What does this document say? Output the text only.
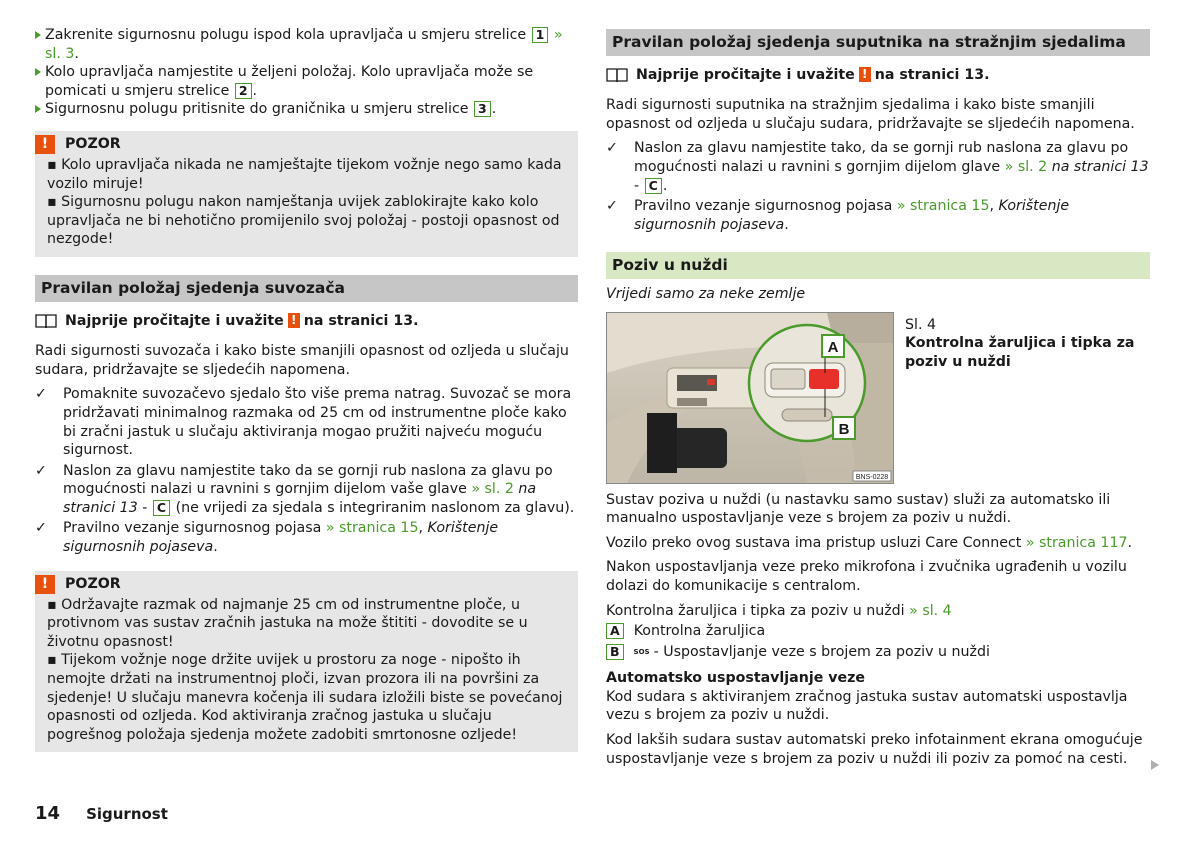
Zakrenite sigurnosnu polugu ispod kola upravljača u smjeru strelice 1 » sl. 3.
Kolo upravljača namjestite u željeni položaj. Kolo upravljača može se pomicati u smjeru strelice 2 .
Sigurnosnu polugu pritisnite do graničnika u smjeru strelice 3 .
!	POZOR

▪ Kolo upravljača nikada ne namještajte tijekom vožnje nego samo kada vozilo miruje!

▪ Sigurnosnu polugu nakon namještanja uvijek zablokirajte kako kolo upravljača ne bi nehotično promijenilo svoj položaj - postoji opasnost od nezgode!

Pravilan položaj sjedenja suvozača
Najprije pročitajte i uvažite ! na stranici 13.

Radi sigurnosti suvozača i kako biste smanjili opasnost od ozljeda u slučaju sudara, pridržavajte se sljedećih napomena.

✓ Pomaknite suvozačevo sjedalo što više prema natrag. Suvozač se mora pridržavati minimalnog razmaka od 25 cm od instrumentne ploče kako bi zračni jastuk u slučaju aktiviranja mogao pružiti najveću moguću sigurnost.
✓ Naslon za glavu namjestite tako da se gornji rub naslona za glavu po mogućnosti nalazi u ravnini s gornjim dijelom vaše glave » sl. 2 na stranici 13 - C (ne vrijedi za sjedala s integriranim naslonom za glavu).
✓ Pravilno vezanje sigurnosnog pojasa » stranica 15, Korištenje sigurnosnih pojaseva.
!	POZOR

▪ Održavajte razmak od najmanje 25 cm od instrumentne ploče, u protivnom vas sustav zračnih jastuka na može štititi - dovodite se u životnu opasnost!

▪ Tijekom vožnje noge držite uvijek u prostoru za noge - nipošto ih nemojte držati na instrumentnoj ploči, izvan prozora ili na površini za sjedenje! U slučaju manevra kočenja ili sudara izložili biste se povećanoj opasnosti od ozljeda. Kod aktiviranja zračnog jastuka u slučaju pogrešnog položaja sjedenja možete zadobiti smrtonosne ozljede!

Pravilan položaj sjedenja suputnika na stražnjim sjedalima
Najprije pročitajte i uvažite ! na stranici 13.

Radi sigurnosti suputnika na stražnjim sjedalima i kako biste smanjili opasnost od ozljeda u slučaju sudara, pridržavajte se sljedećih napomena.

✓ Naslon za glavu namjestite tako, da se gornji rub naslona za glavu po mogućnosti nalazi u ravnini s gornjim dijelom glave » sl. 2 na stranici 13 - C .
✓ Pravilno vezanje sigurnosnog pojasa » stranica 15, Korištenje sigurnosnih pojaseva.
Poziv u nuždi
Vrijedi samo za neke zemlje
A
B
BNS-0228
Sl. 4
Kontrolna žaruljica i tipka za poziv u nuždi

Sustav poziva u nuždi (u nastavku samo sustav) služi za automatsko ili manualno uspostavljanje veze s brojem za poziv u nuždi.

Vozilo preko ovog sustava ima pristup usluzi Care Connect » stranica 117.

Nakon uspostavljanja veze preko mikrofona i zvučnika ugrađenih u vozilu dolazi do komunikacije s centralom.

Kontrolna žaruljica i tipka za poziv u nuždi » sl. 4

A Kontrolna žaruljica
B	SOS - Uspostavljanje veze s brojem za poziv u nuždi
Automatsko uspostavljanje veze

Kod sudara s aktiviranjem zračnog jastuka sustav automatski uspostavlja vezu s brojem za poziv u nuždi.

Kod lakših sudara sustav automatski preko infotainment ekrana omogućuje uspostavljanje veze s brojem za poziv u nuždi ili poziv za pomoć na cesti.

14 Sigurnost
